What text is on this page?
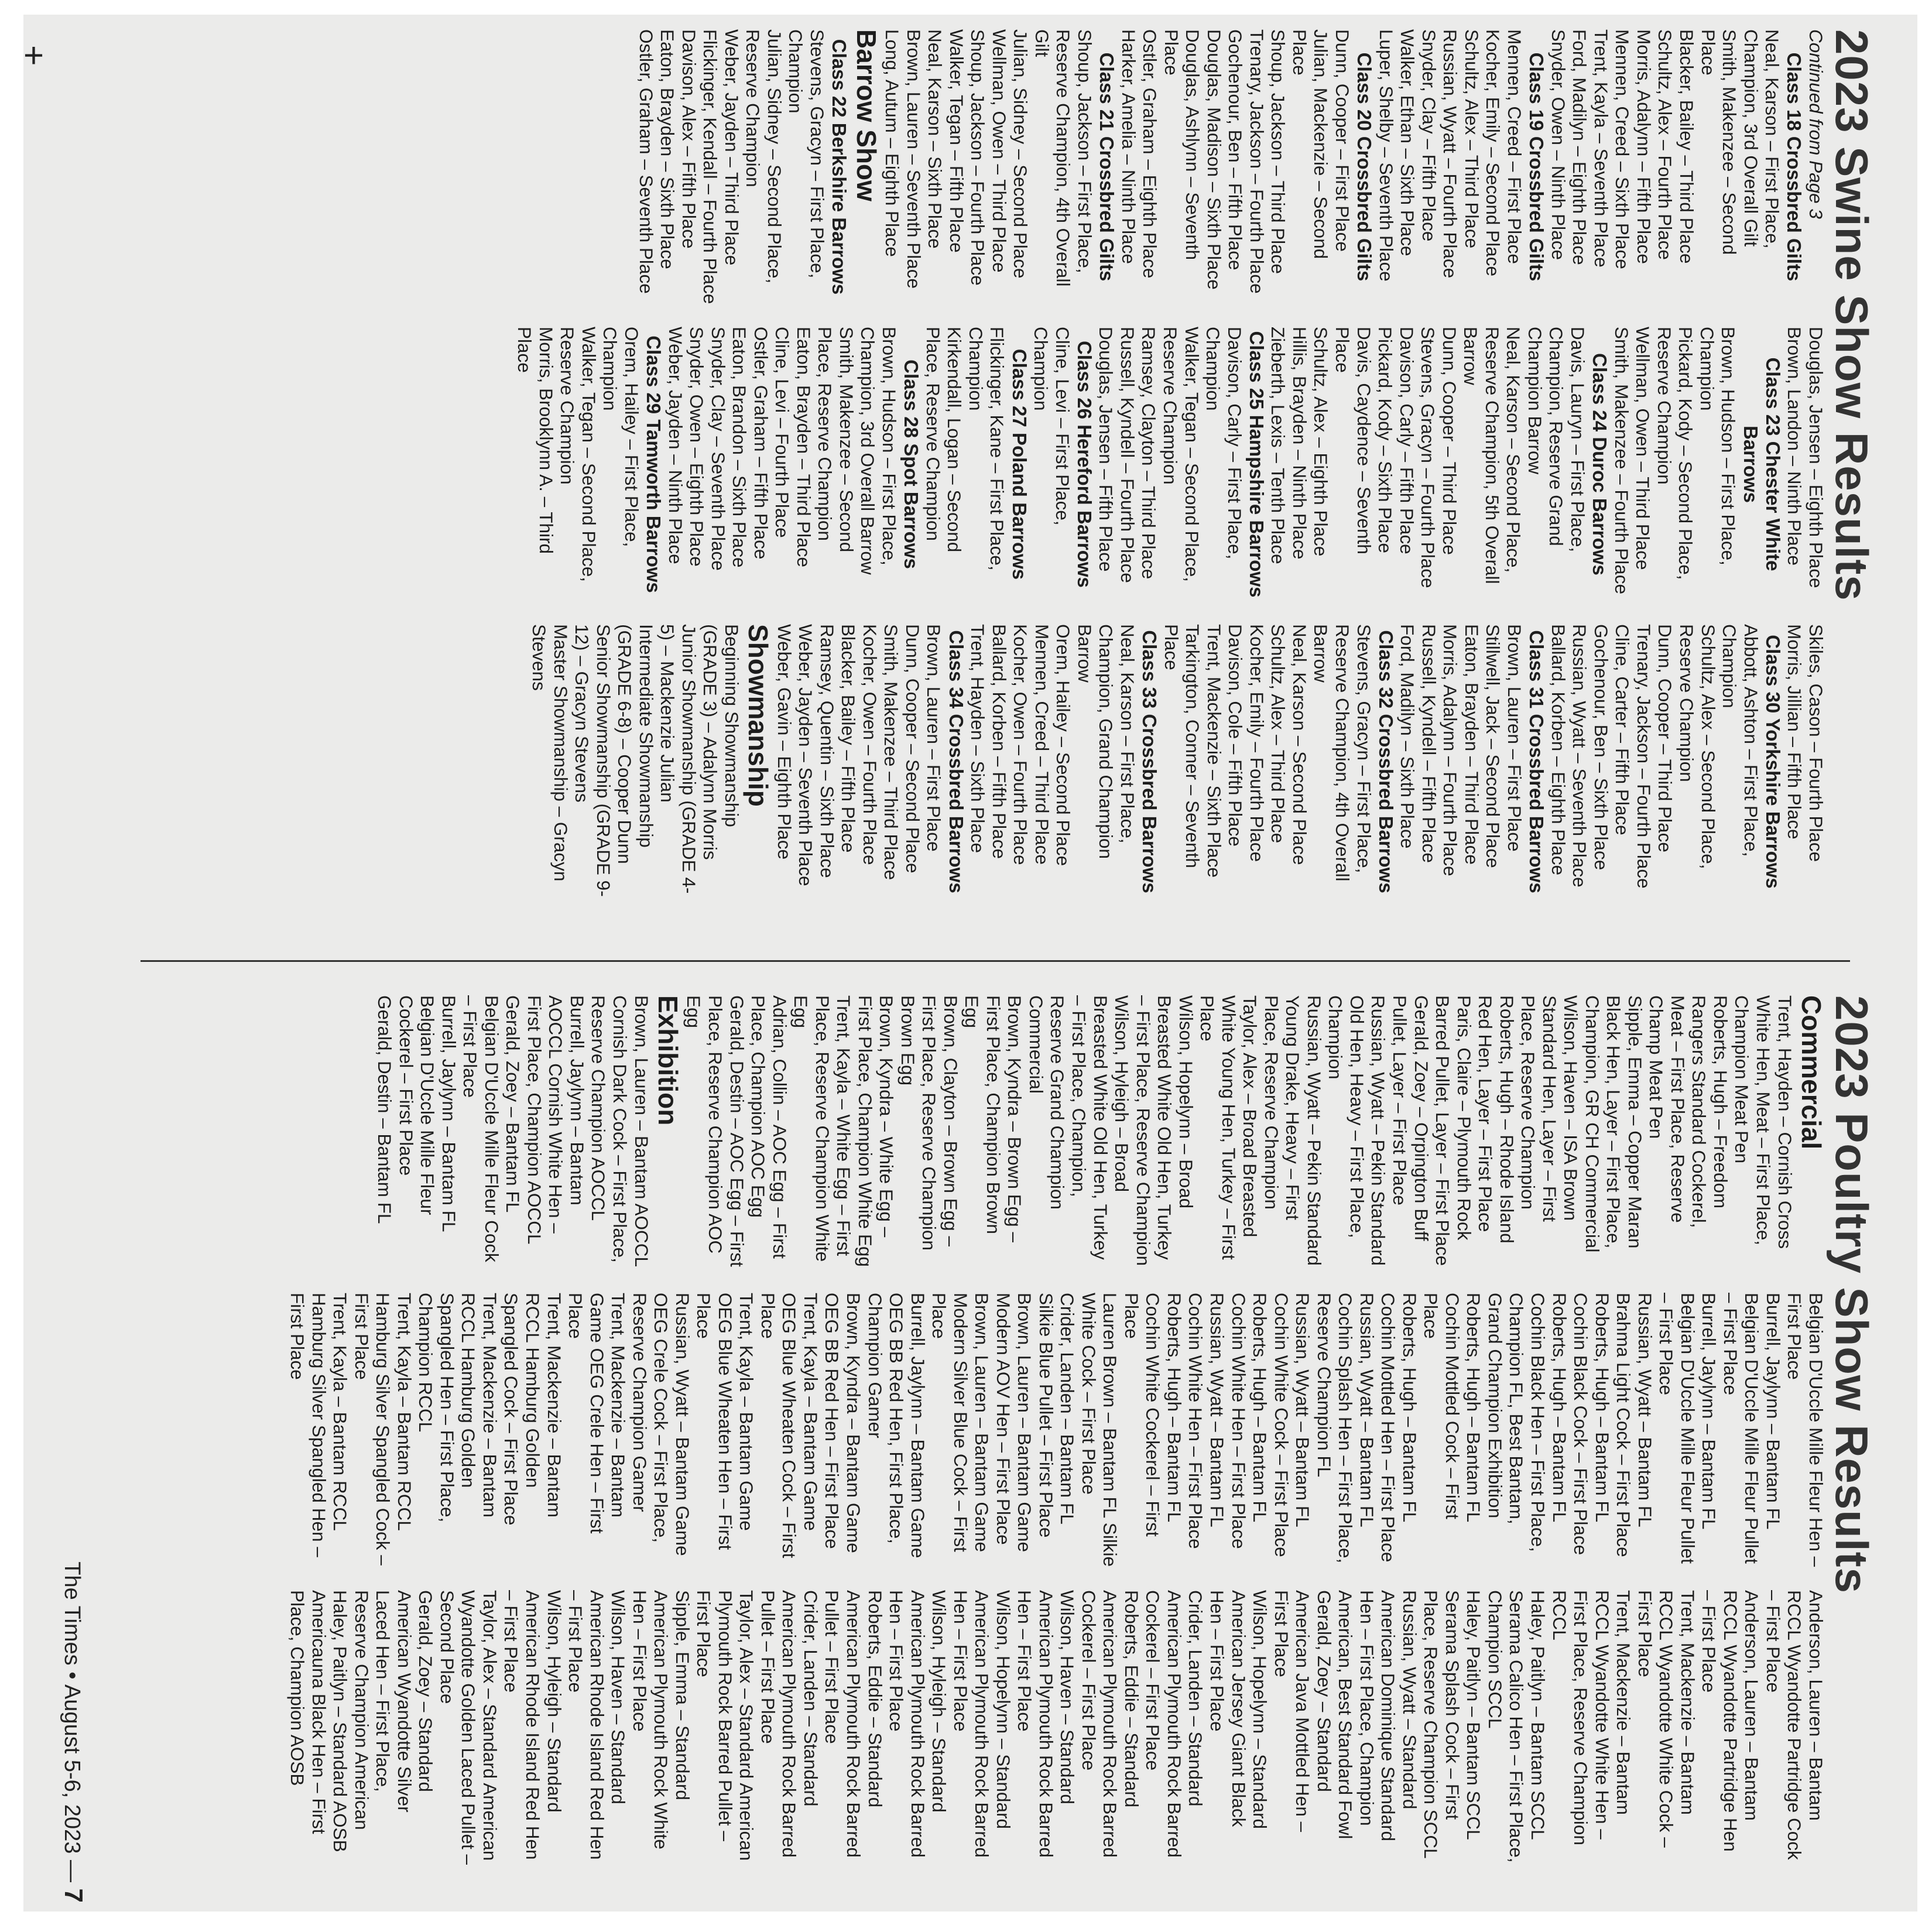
+	2023 Swine Show Results

Continued from Page 3

Class 18 Crossbred Gilts

Neal, Karson – First Place, Champion, 3rd Overall Gilt

Smith, Makenzee – Second Place

Blacker, Bailey – Third Place

Schultz, Alex – Fourth Place

Morris, Adalynn – Fifth Place

Mennen, Creed – Sixth Place

Trent, Kayla – Seventh Place

Ford, Madilyn – Eighth Place

Snyder, Owen – Ninth Place

Class 19 Crossbred Gilts

Mennen, Creed – First Place

Kocher, Emily – Second Place

Schultz, Alex – Third Place

Russian, Wyatt – Fourth Place

Snyder, Clay – Fifth Place

Walker, Ethan – Sixth Place

Luper, Shelby – Seventh Place

Class 20 Crossbred Gilts

Dunn, Cooper – First Place

Julian, Mackenzie – Second Place

Shoup, Jackson – Third Place

Trenary, Jackson – Fourth Place

Gochenour, Ben – Fifth Place

Douglas, Madison – Sixth Place

Douglas, Ashlynn – Seventh Place

Ostler, Graham – Eighth Place

Harker, Amelia – Ninth Place

Class 21 Crossbred Gilts

Shoup, Jackson – First Place, Reserve Champion, 4th Overall Gilt

Julian, Sidney – Second Place

Wellman, Owen – Third Place

Shoup, Jackson – Fourth Place

Walker, Tegan – Fifth Place

Neal, Karson – Sixth Place

Brown, Lauren – Seventh Place

Long, Autum – Eighth Place

Barrow Show

Class 22 Berkshire Barrows

Stevens, Gracyn – First Place, Champion

Julian, Sidney – Second Place, Reserve Champion

Weber, Jayden – Third Place

Flickinger, Kendall – Fourth Place

Davison, Alex – Fifth Place

Eaton, Brayden – Sixth Place

Ostler, Graham – Seventh Place

Douglas, Jensen – Eighth Place

Brown, Landon – Ninth Place

Class 23 Chester White Barrows

Brown, Hudson – First Place, Champion

Pickard, Kody – Second Place, Reserve Champion

Wellman, Owen – Third Place

Smith, Makenzee – Fourth Place

Class 24 Duroc Barrows

Davis, Lauryn – First Place, Champion, Reserve Grand Champion Barrow

Neal, Karson – Second Place, Reserve Champion, 5th Overall Barrow

Dunn, Cooper – Third Place

Stevens, Gracyn – Fourth Place

Davison, Carly – Fifth Place

Pickard, Kody – Sixth Place

Davis, Caydence – Seventh Place

Schultz, Alex – Eighth Place

Hillis, Brayden – Ninth Place

Zieberth, Lexis – Tenth Place

Class 25 Hampshire Barrows

Davison, Carly – First Place, Champion

Walker, Tegan – Second Place, Reserve Champion

Ramsey, Clayton – Third Place

Russell, Kyndell – Fourth Place

Douglas, Jensen – Fifth Place

Class 26 Hereford Barrows

Cline, Levi – First Place, Champion

Class 27 Poland Barrows

Flickinger, Kane – First Place, Champion

Kirkendall, Logan – Second Place, Reserve Champion

Class 28 Spot Barrows

Brown, Hudson – First Place, Champion, 3rd Overall Barrow

Smith, Makenzee – Second Place, Reserve Champion

Eaton, Brayden – Third Place

Cline, Levi – Fourth Place

Ostler, Graham – Fifth Place

Eaton, Brandon – Sixth Place

Snyder, Clay – Seventh Place

Snyder, Owen – Eighth Place

Weber, Jayden – Ninth Place

Class 29 Tamworth Barrows

Orem, Hailey – First Place, Champion

Walker, Tegan – Second Place, Reserve Champion

Morris, Brooklynn A. – Third Place

Skiles, Cason – Fourth Place

Morris, Jillian – Fifth Place

Class 30 Yorkshire Barrows

Abbott, Ashton – First Place, Champion

Schultz, Alex – Second Place, Reserve Champion

Dunn, Cooper – Third Place

Trenary, Jackson – Fourth Place

Cline, Carter – Fifth Place

Gochenour, Ben – Sixth Place

Russian, Wyatt – Seventh Place

Ballard, Korben – Eighth Place

Class 31 Crossbred Barrows

Brown, Lauren – First Place

Stillwell, Jack – Second Place

Eaton, Brayden – Third Place

Morris, Adalynn – Fourth Place

Russell, Kyndell – Fifth Place

Ford, Madilyn – Sixth Place

Class 32 Crossbred Barrows

Stevens, Gracyn – First Place, Reserve Champion, 4th Overall Barrow

Neal, Karson – Second Place

Schultz, Alex – Third Place

Kocher, Emily – Fourth Place

Davison, Cole – Fifth Place

Trent, Mackenzie – Sixth Place

Tarkington, Conner – Seventh Place

Class 33 Crossbred Barrows

Neal, Karson – First Place, Champion, Grand Champion Barrow

Orem, Hailey – Second Place

Mennen, Creed – Third Place

Kocher, Owen – Fourth Place

Ballard, Korben – Fifth Place

Trent, Hayden – Sixth Place

Class 34 Crossbred Barrows

Brown, Lauren – First Place

Dunn, Cooper – Second Place

Smith, Makenzee – Third Place

Kocher, Owen – Fourth Place

Blacker, Bailey – Fifth Place

Ramsey, Quentin – Sixth Place

Weber, Jayden – Seventh Place

Weber, Gavin – Eighth Place

Showmanship

Beginning Showmanship (GRADE 3) – Adalynn Morris

Junior Showmanship (GRADE 4-5) – Mackenzie Julian

Intermediate Showmanship (GRADE 6-8) – Cooper Dunn

Senior Showmanship (GRADE 9-12) – Gracyn Stevens

Master Showmanship – Gracyn Stevens

2023 Poultry Show Results

Commercial

Trent, Hayden – Cornish Cross White Hen, Meat – First Place, Champion Meat Pen

Roberts, Hugh – Freedom Rangers Standard Cockerel, Meat – First Place, Reserve Champ Meat Pen

Sipple, Emma – Copper Maran Black Hen, Layer – First Place, Champion, GR CH Commercial

Wilson, Haven – ISA Brown Standard Hen, Layer – First Place, Reserve Champion

Roberts, Hugh – Rhode Island Red Hen, Layer – First Place

Paris, Claire – Plymouth Rock Barred Pullet, Layer – First Place

Gerald, Zoey – Orpington Buff Pullet, Layer – First Place

Russian, Wyatt – Pekin Standard Old Hen, Heavy – First Place, Champion

Russian, Wyatt – Pekin Standard Young Drake, Heavy – First Place, Reserve Champion

Taylor, Alex – Broad Breasted White Young Hen, Turkey – First Place

Wilson, Hopelynn – Broad Breasted White Old Hen, Turkey – First Place, Reserve Champion

Wilson, Hyleigh – Broad Breasted White Old Hen, Turkey – First Place, Champion, Reserve Grand Champion Commercial

Brown, Kyndra – Brown Egg – First Place, Champion Brown Egg

Brown, Clayton – Brown Egg – First Place, Reserve Champion Brown Egg

Brown, Kyndra – White Egg – First Place, Champion White Egg

Trent, Kayla – White Egg – First Place, Reserve Champion White Egg

Adrian, Collin – AOC Egg – First Place, Champion AOC Egg

Gerald, Destin – AOC Egg – First Place, Reserve Champion AOC Egg

Exhibition

Brown, Lauren – Bantam AOCCL Cornish Dark Cock – First Place, Reserve Champion AOCCL

Burrell, Jaylynn – Bantam AOCCL Cornish White Hen – First Place, Champion AOCCL

Gerald, Zoey – Bantam FL Belgian D'Uccle Mille Fleur Cock – First Place

Burrell, Jaylynn – Bantam FL Belgian D'Uccle Mille Fleur Cockerel – First Place

Gerald, Destin – Bantam FL

Belgian D'Uccle Mille Fleur Hen – First Place

Burrell, Jaylynn – Bantam FL Belgian D'Uccle Mille Fleur Pullet – First Place

Burrell, Jaylynn – Bantam FL Belgian D'Uccle Mille Fleur Pullet – First Place

Russian, Wyatt – Bantam FL Brahma Light Cock – First Place

Roberts, Hugh – Bantam FL Cochin Black Cock – First Place

Roberts, Hugh – Bantam FL Cochin Black Hen – First Place, Champion FL, Best Bantam, Grand Champion Exhibition

Roberts, Hugh – Bantam FL Cochin Mottled Cock – First Place

Roberts, Hugh – Bantam FL Cochin Mottled Hen – First Place

Russian, Wyatt – Bantam FL Cochin Splash Hen – First Place, Reserve Champion FL

Russian, Wyatt – Bantam FL Cochin White Cock – First Place

Roberts, Hugh – Bantam FL Cochin White Hen – First Place

Russian, Wyatt – Bantam FL Cochin White Hen – First Place

Roberts, Hugh – Bantam FL Cochin White Cockerel – First Place

Lauren Brown – Bantam FL Silkie White Cock – First Place

Crider, Landen – Bantam FL Silkie Blue Pullet – First Place

Brown, Lauren – Bantam Game Modern AOV Hen – First Place

Brown, Lauren – Bantam Game Modern Silver Blue Cock – First Place

Burrell, Jaylynn – Bantam Game OEG BB Red Hen, First Place, Champion Gamer

Brown, Kyndra – Bantam Game OEG BB Red Hen – First Place

Trent, Kayla – Bantam Game OEG Blue Wheaten Cock – First Place

Trent, Kayla – Bantam Game OEG Blue Wheaten Hen – First Place

Russian, Wyatt – Bantam Game OEG Crele Cock – First Place, Reserve Champion Gamer

Trent, Mackenzie – Bantam Game OEG Crele Hen – First Place

Trent, Mackenzie – Bantam RCCL Hamburg Golden Spangled Cock – First Place

Trent, Mackenzie – Bantam RCCL Hamburg Golden Spangled Hen – First Place, Champion RCCL

Trent, Kayla – Bantam RCCL Hamburg Silver Spangled Cock – First Place

Trent, Kayla – Bantam RCCL Hamburg Silver Spangled Hen – First Place

Anderson, Lauren – Bantam RCCL Wyandotte Partridge Cock – First Place

Anderson, Lauren – Bantam RCCL Wyandotte Partridge Hen – First Place

Trent, Mackenzie – Bantam RCCL Wyandotte White Cock – First Place

Trent, Mackenzie – Bantam RCCL Wyandotte White Hen – First Place, Reserve Champion RCCL

Haley, Paitlyn – Bantam SCCL Serama Calico Hen – First Place, Champion SCCL

Haley, Paitlyn – Bantam SCCL Serama Splash Cock – First Place, Reserve Champion SCCL

Russian, Wyatt – Standard American Dominique Standard Hen – First Place, Champion American, Best Standard Fowl

Gerald, Zoey – Standard American Java Mottled Hen – First Place

Wilson, Hopelynn – Standard American Jersey Giant Black Hen – First Place

Crider, Landen – Standard American Plymouth Rock Barred Cockerel – First Place

Roberts, Eddie – Standard American Plymouth Rock Barred Cockerel – First Place

Wilson, Haven – Standard American Plymouth Rock Barred Hen – First Place

Wilson, Hopelynn – Standard American Plymouth Rock Barred Hen – First Place

Wilson, Hyleigh – Standard American Plymouth Rock Barred Hen – First Place

Roberts, Eddie – Standard American Plymouth Rock Barred Pullet – First Place

Crider, Landen – Standard American Plymouth Rock Barred Pullet – First Place

Taylor, Alex – Standard American Plymouth Rock Barred Pullet – First Place

Sipple, Emma – Standard American Plymouth Rock White Hen – First Place

Wilson, Haven – Standard American Rhode Island Red Hen – First Place

Wilson, Hyleigh – Standard American Rhode Island Red Hen – First Place

Taylor, Alex – Standard American Wyandotte Golden Laced Pullet – Second Place

Gerald, Zoey – Standard American Wyandotte Silver Laced Hen – First Place, Reserve Champion American

Haley, Paitlyn – Standard AOSB Americauna Black Hen – First Place, Champion AOSB

The Times • August 5-6, 2023 — 7
